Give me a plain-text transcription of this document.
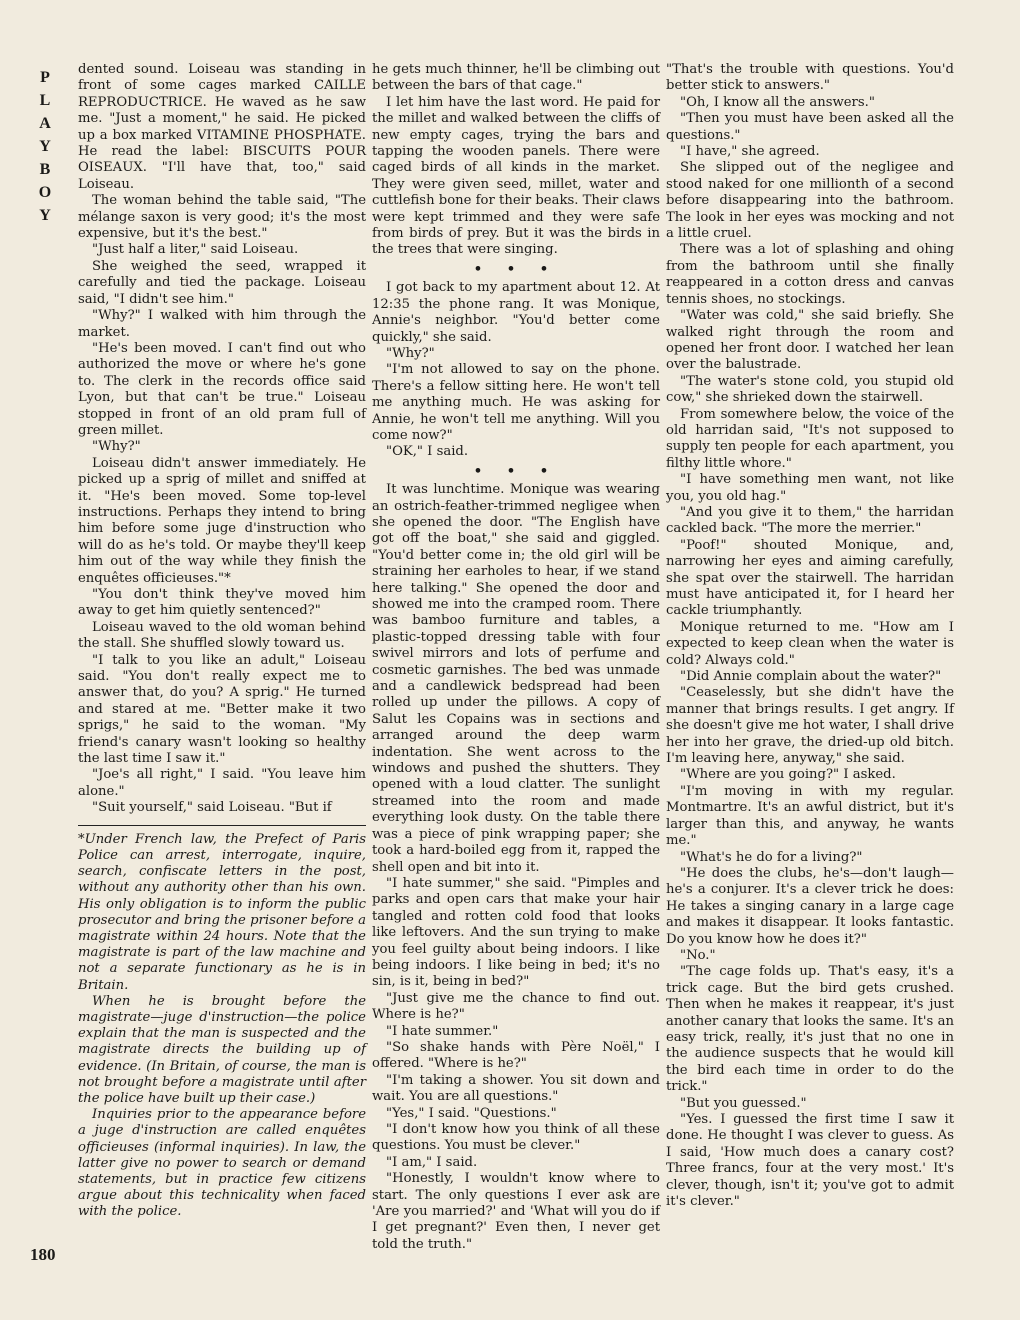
P
L
A
Y
B
O
Y
180

dented sound. Loiseau was standing in front of some cages marked CAILLE REPRODUCTRICE. He waved as he saw me. "Just a moment," he said. He picked up a box marked VITAMINE PHOSPHATE. He read the label: BISCUITS POUR OISEAUX. "I'll have that, too," said Loiseau.

The woman behind the table said, "The mélange saxon is very good; it's the most expensive, but it's the best."

"Just half a liter," said Loiseau.

She weighed the seed, wrapped it carefully and tied the package. Loiseau said, "I didn't see him."

"Why?" I walked with him through the market.

"He's been moved. I can't find out who authorized the move or where he's gone to. The clerk in the records office said Lyon, but that can't be true." Loiseau stopped in front of an old pram full of green millet.

"Why?"

Loiseau didn't answer immediately. He picked up a sprig of millet and sniffed at it. "He's been moved. Some top-level instructions. Perhaps they intend to bring him before some juge d'instruction who will do as he's told. Or maybe they'll keep him out of the way while they finish the enquêtes officieuses."*

"You don't think they've moved him away to get him quietly sentenced?"

Loiseau waved to the old woman behind the stall. She shuffled slowly toward us.

"I talk to you like an adult," Loiseau said. "You don't really expect me to answer that, do you? A sprig." He turned and stared at me. "Better make it two sprigs," he said to the woman. "My friend's canary wasn't looking so healthy the last time I saw it."

"Joe's all right," I said. "You leave him alone."

"Suit yourself," said Loiseau. "But if

*Under French law, the Prefect of Paris Police can arrest, interrogate, inquire, search, confiscate letters in the post, without any authority other than his own. His only obligation is to inform the public prosecutor and bring the prisoner before a magistrate within 24 hours. Note that the magistrate is part of the law machine and not a separate functionary as he is in Britain.

When he is brought before the magistrate—juge d'instruction—the police explain that the man is suspected and the magistrate directs the building up of evidence. (In Britain, of course, the man is not brought before a magistrate until after the police have built up their case.)

Inquiries prior to the appearance before a juge d'instruction are called enquêtes officieuses (informal inquiries). In law, the latter give no power to search or demand statements, but in practice few citizens argue about this technicality when faced with the police.

he gets much thinner, he'll be climbing out between the bars of that cage."

I let him have the last word. He paid for the millet and walked between the cliffs of new empty cages, trying the bars and tapping the wooden panels. There were caged birds of all kinds in the market. They were given seed, millet, water and cuttlefish bone for their beaks. Their claws were kept trimmed and they were safe from birds of prey. But it was the birds in the trees that were singing.

• • •

I got back to my apartment about 12. At 12:35 the phone rang. It was Monique, Annie's neighbor. "You'd better come quickly," she said.

"Why?"

"I'm not allowed to say on the phone. There's a fellow sitting here. He won't tell me anything much. He was asking for Annie, he won't tell me anything. Will you come now?"

"OK," I said.

• • •

It was lunchtime. Monique was wearing an ostrich-feather-trimmed negligee when she opened the door. "The English have got off the boat," she said and giggled. "You'd better come in; the old girl will be straining her earholes to hear, if we stand here talking." She opened the door and showed me into the cramped room. There was bamboo furniture and tables, a plastic-topped dressing table with four swivel mirrors and lots of perfume and cosmetic garnishes. The bed was unmade and a candlewick bedspread had been rolled up under the pillows. A copy of Salut les Copains was in sections and arranged around the deep warm indentation. She went across to the windows and pushed the shutters. They opened with a loud clatter. The sunlight streamed into the room and made everything look dusty. On the table there was a piece of pink wrapping paper; she took a hard-boiled egg from it, rapped the shell open and bit into it.

"I hate summer," she said. "Pimples and parks and open cars that make your hair tangled and rotten cold food that looks like leftovers. And the sun trying to make you feel guilty about being indoors. I like being indoors. I like being in bed; it's no sin, is it, being in bed?"

"Just give me the chance to find out. Where is he?"

"I hate summer."

"So shake hands with Père Noël," I offered. "Where is he?"

"I'm taking a shower. You sit down and wait. You are all questions."

"Yes," I said. "Questions."

"I don't know how you think of all these questions. You must be clever."

"I am," I said.

"Honestly, I wouldn't know where to start. The only questions I ever ask are 'Are you married?' and 'What will you do if I get pregnant?' Even then, I never get told the truth."

"That's the trouble with questions. You'd better stick to answers."

"Oh, I know all the answers."

"Then you must have been asked all the questions."

"I have," she agreed.

She slipped out of the negligee and stood naked for one millionth of a second before disappearing into the bathroom. The look in her eyes was mocking and not a little cruel.

There was a lot of splashing and ohing from the bathroom until she finally reappeared in a cotton dress and canvas tennis shoes, no stockings.

"Water was cold," she said briefly. She walked right through the room and opened her front door. I watched her lean over the balustrade.

"The water's stone cold, you stupid old cow," she shrieked down the stairwell.

From somewhere below, the voice of the old harridan said, "It's not supposed to supply ten people for each apartment, you filthy little whore."

"I have something men want, not like you, you old hag."

"And you give it to them," the harridan cackled back. "The more the merrier."

"Poof!" shouted Monique, and, narrowing her eyes and aiming carefully, she spat over the stairwell. The harridan must have anticipated it, for I heard her cackle triumphantly.

Monique returned to me. "How am I expected to keep clean when the water is cold? Always cold."

"Did Annie complain about the water?"

"Ceaselessly, but she didn't have the manner that brings results. I get angry. If she doesn't give me hot water, I shall drive her into her grave, the dried-up old bitch. I'm leaving here, anyway," she said.

"Where are you going?" I asked.

"I'm moving in with my regular. Montmartre. It's an awful district, but it's larger than this, and anyway, he wants me."

"What's he do for a living?"

"He does the clubs, he's—don't laugh—he's a conjurer. It's a clever trick he does: He takes a singing canary in a large cage and makes it disappear. It looks fantastic. Do you know how he does it?"

"No."

"The cage folds up. That's easy, it's a trick cage. But the bird gets crushed. Then when he makes it reappear, it's just another canary that looks the same. It's an easy trick, really, it's just that no one in the audience suspects that he would kill the bird each time in order to do the trick."

"But you guessed."

"Yes. I guessed the first time I saw it done. He thought I was clever to guess. As I said, 'How much does a canary cost? Three francs, four at the very most.' It's clever, though, isn't it; you've got to admit it's clever."
